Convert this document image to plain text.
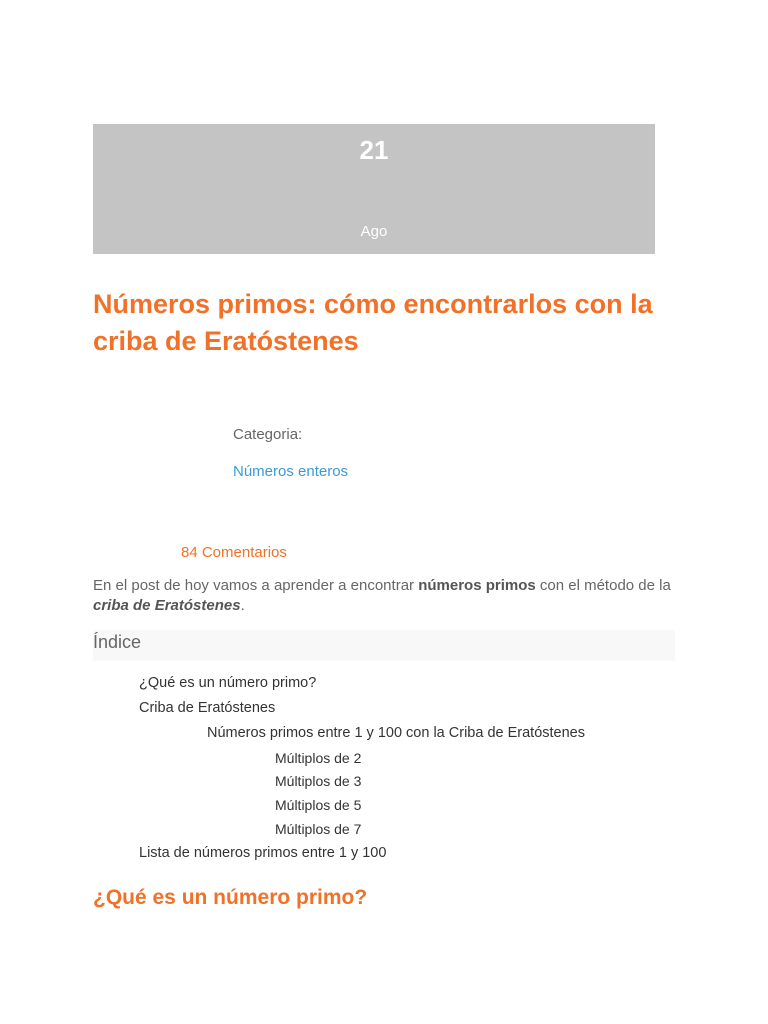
21
Ago
Números primos: cómo encontrarlos con la criba de Eratóstenes
Categoria:
Números enteros
84 Comentarios

En el post de hoy vamos a aprender a encontrar números primos con el método de la criba de Eratóstenes.

Índice
¿Qué es un número primo?
Criba de Eratóstenes
Números primos entre 1 y 100 con la Criba de Eratóstenes
Múltiplos de 2
Múltiplos de 3
Múltiplos de 5
Múltiplos de 7
Lista de números primos entre 1 y 100
¿Qué es un número primo?
